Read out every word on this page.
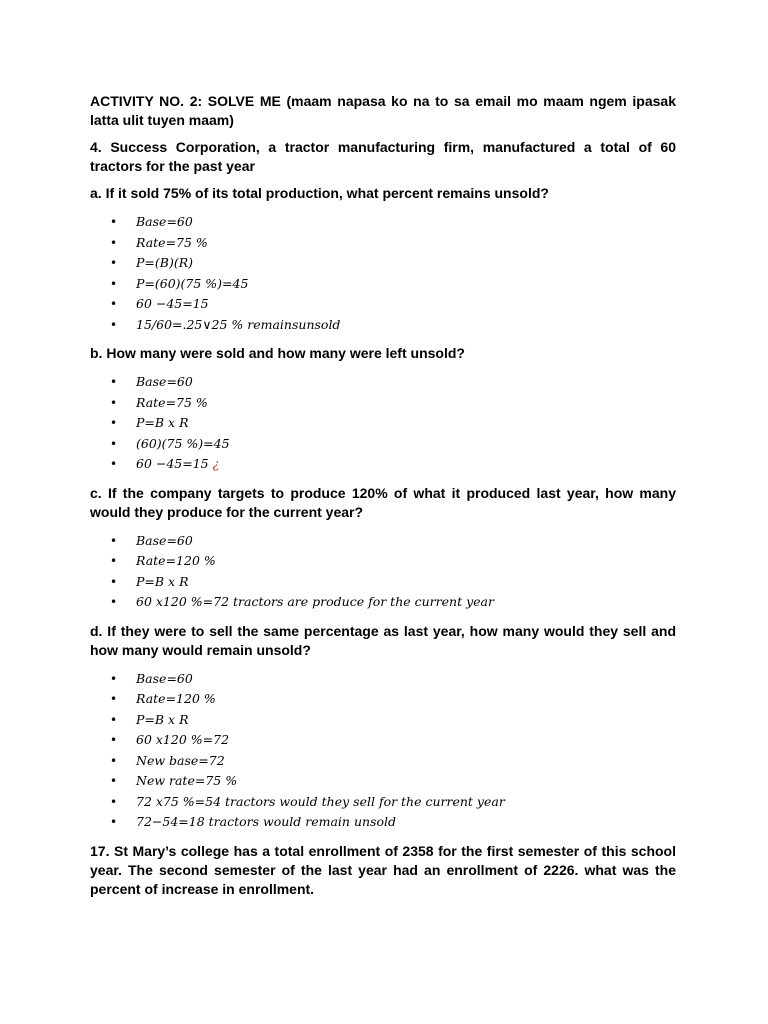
ACTIVITY NO. 2: SOLVE ME (maam napasa ko na to sa email mo maam ngem ipasak latta ulit tuyen maam)

4. Success Corporation, a tractor manufacturing firm, manufactured a total of 60 tractors for the past year

a. If it sold 75% of its total production, what percent remains unsold?

• Base=60
• Rate=75 %
• P=(B)(R)
• P=(60)(75 %)=45
• 60 −45=15
• 15/60=.25∨25 % remainsunsold

b. How many were sold and how many were left unsold?

• Base=60
• Rate=75 %
• P=B x R
• (60)(75 %)=45
• 60 −45=15 ¿

c. If the company targets to produce 120% of what it produced last year, how many would they produce for the current year?

• Base=60
• Rate=120 %
• P=B x R
• 60 x120 %=72 tractors are produce for the current year

d. If they were to sell the same percentage as last year, how many would they sell and how many would remain unsold?

• Base=60
• Rate=120 %
• P=B x R
• 60 x120 %=72
• New base=72
• New rate=75 %
• 72 x75 %=54 tractors would they sell for the current year
• 72−54=18 tractors would remain unsold

17. St Mary’s college has a total enrollment of 2358 for the first semester of this school year. The second semester of the last year had an enrollment of 2226. what was the percent of increase in enrollment.
